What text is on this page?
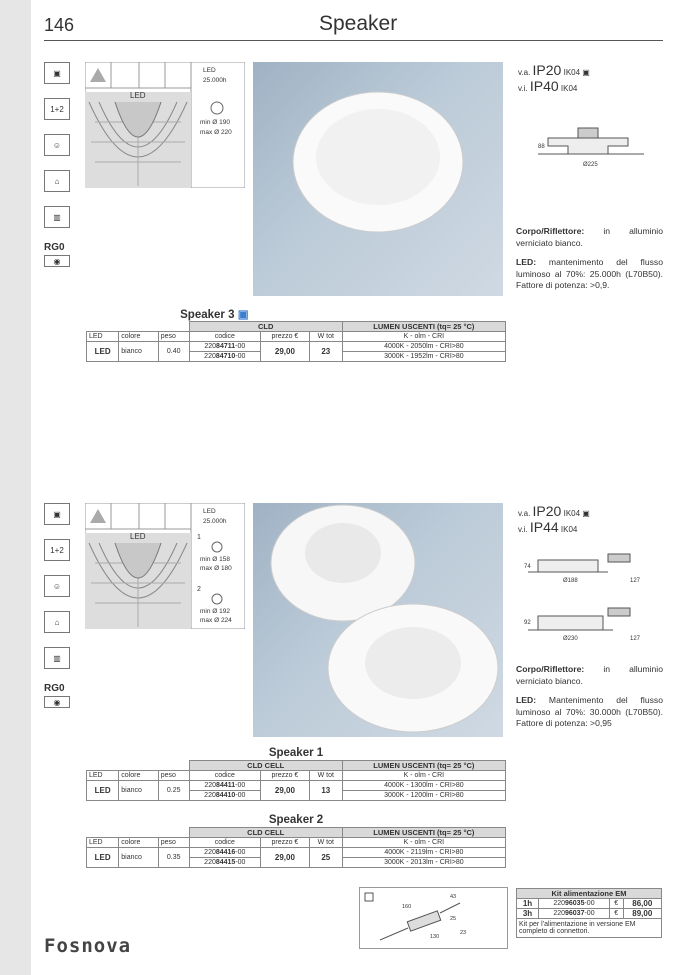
146	Speaker
▣
1+2
☺
⌂
▥
RG0
◉
LED
LED
25.000h
min Ø 190
max Ø 220
v.a. IP20 IK04 ▣
v.i. IP40 IK04
88
Ø225

Corpo/Riflettore: in alluminio verniciato bianco.

LED: mantenimento del flusso luminoso al 70%: 25.000h (L70B50). Fattore di potenza: >0,9.

Speaker 3 ▣						
			CLD			LUMEN USCENTI (tq= 25 °C)
LED	colore	peso	codice	prezzo €	W tot	K - olm - CRI
LED	bianco	0.40	22084711-00	29,00	23	4000K - 2050lm - CRI>80
			22084710-00			3000K - 1952lm - CRI>80
▣
1+2
☺
⌂
▥
RG0
◉
LED
LED
25.000h
1
min Ø 158
max Ø 180
2
min Ø 192
max Ø 224
v.a. IP20 IK04 ▣
v.i. IP44 IK04
74
Ø188	127
92
Ø230	127

Corpo/Riflettore: in alluminio verniciato bianco.

LED: Mantenimento del flusso luminoso al 70%: 30.000h (L70B50). Fattore di potenza: >0,95

Speaker 1						
			CLD CELL			LUMEN USCENTI (tq= 25 °C)
LED	colore	peso	codice	prezzo €	W tot	K - olm - CRI
LED	bianco	0.25	22084411-00	29,00	13	4000K - 1300lm - CRI>80
			22084410-00			3000K - 1200lm - CRI>80
Speaker 2						
			CLD CELL			LUMEN USCENTI (tq= 25 °C)
LED	colore	peso	codice	prezzo €	W tot	K - olm - CRI
LED	bianco	0.35	22084416-00	29,00	25	4000K - 2119lm - CRI>80
			22084415-00			3000K - 2013lm - CRI>80
160
43
25
23
130
Kit alimentazione EM			
1h	22096035-00	€	86,00
3h	22096037-00	€	89,00
Kit per l'alimentazione in versione EM completo di connettori.			
Fosnova
